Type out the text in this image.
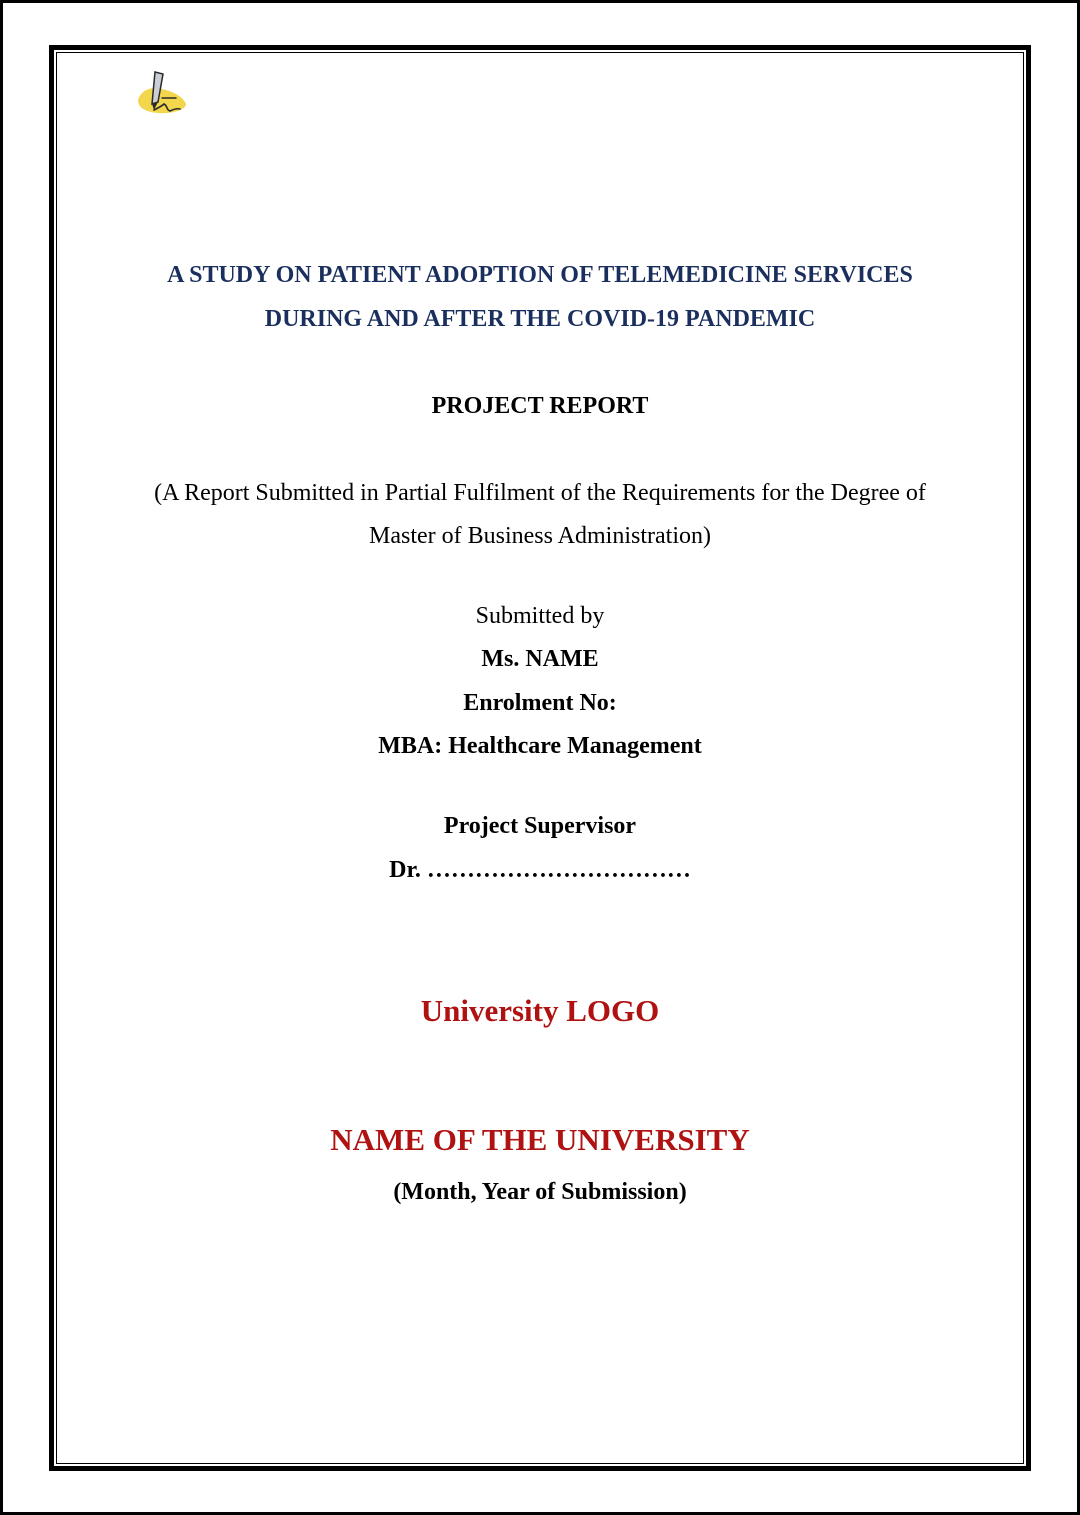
A STUDY ON PATIENT ADOPTION OF TELEMEDICINE SERVICES
DURING AND AFTER THE COVID-19 PANDEMIC
PROJECT REPORT
(A Report Submitted in Partial Fulfilment of the Requirements for the Degree of
Master of Business Administration)
Submitted by
Ms. NAME
Enrolment No:
MBA: Healthcare Management
Project Supervisor
Dr. ……………………………
University LOGO
NAME OF THE UNIVERSITY
(Month, Year of Submission)
